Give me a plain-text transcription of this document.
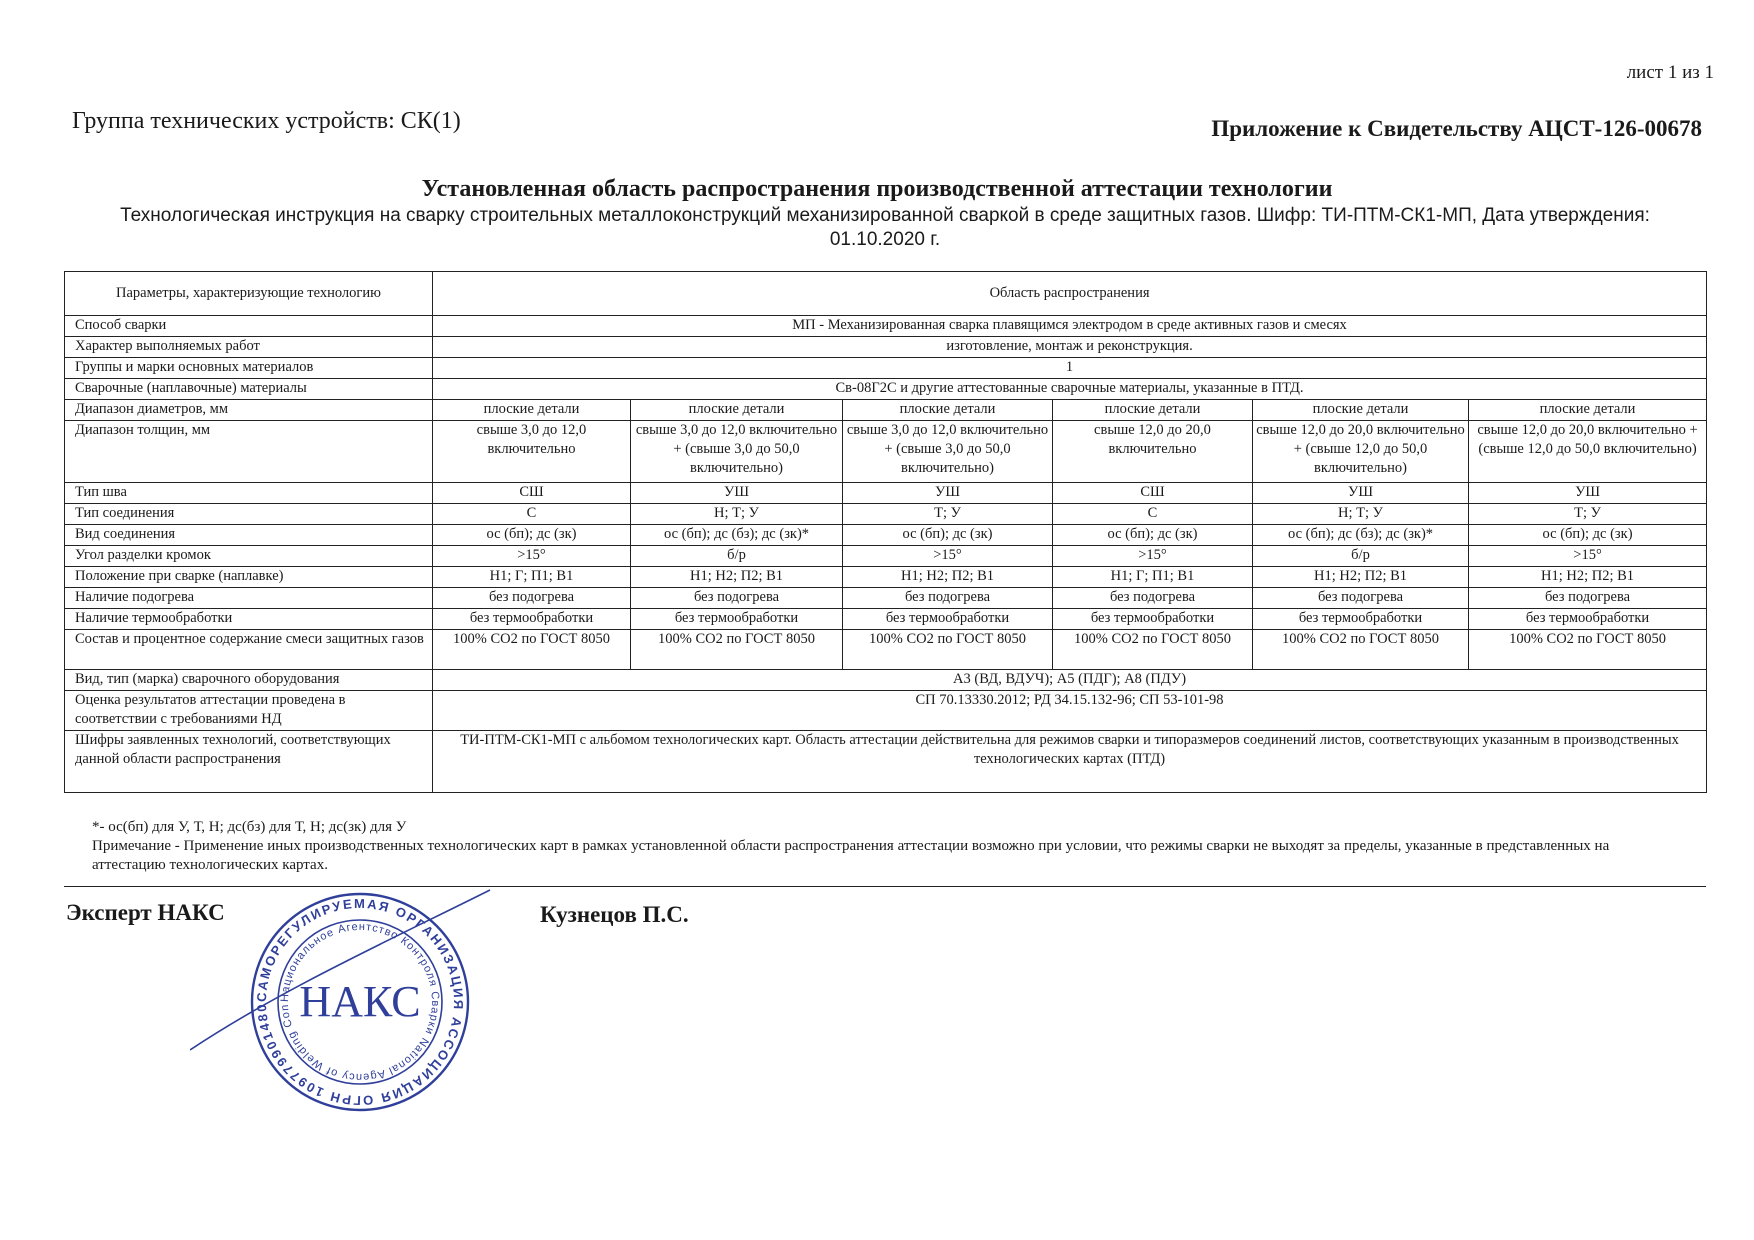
лист 1 из 1
Группа технических устройств: СК(1)	Приложение к Свидетельству АЦСТ-126-00678
Установленная область распространения производственной аттестации технологии
Технологическая инструкция на сварку строительных металлоконструкций механизированной сваркой в среде защитных газов. Шифр: ТИ-ПТМ-СК1-МП, Дата утверждения: 01.10.2020 г.
Параметры, характеризующие технологию	Область распространения					
Способ сварки	МП - Механизированная сварка плавящимся электродом в среде активных газов и смесях					
Характер выполняемых работ	изготовление, монтаж и реконструкция.					
Группы и марки основных материалов	1					
Сварочные (наплавочные) материалы	Св-08Г2С и другие аттестованные сварочные материалы, указанные в ПТД.					
Диапазон диаметров, мм	плоские детали	плоские детали	плоские детали	плоские детали	плоские детали	плоские детали
Диапазон толщин, мм	свыше 3,0 до 12,0 включительно	свыше 3,0 до 12,0 включительно + (свыше 3,0 до 50,0 включительно)	свыше 3,0 до 12,0 включительно + (свыше 3,0 до 50,0 включительно)	свыше 12,0 до 20,0 включительно	свыше 12,0 до 20,0 включительно + (свыше 12,0 до 50,0 включительно)	свыше 12,0 до 20,0 включительно + (свыше 12,0 до 50,0 включительно)
Тип шва	СШ	УШ	УШ	СШ	УШ	УШ
Тип соединения	С	Н; Т; У	Т; У	С	Н; Т; У	Т; У
Вид соединения	ос (бп); дс (зк)	ос (бп); дс (бз); дс (зк)*	ос (бп); дс (зк)	ос (бп); дс (зк)	ос (бп); дс (бз); дс (зк)*	ос (бп); дс (зк)
Угол разделки кромок	>15°	б/р	>15°	>15°	б/р	>15°
Положение при сварке (наплавке)	Н1; Г; П1; В1	Н1; Н2; П2; В1	Н1; Н2; П2; В1	Н1; Г; П1; В1	Н1; Н2; П2; В1	Н1; Н2; П2; В1
Наличие подогрева	без подогрева	без подогрева	без подогрева	без подогрева	без подогрева	без подогрева
Наличие термообработки	без термообработки	без термообработки	без термообработки	без термообработки	без термообработки	без термообработки
Состав и процентное содержание смеси защитных газов	100% СО2 по ГОСТ 8050	100% СО2 по ГОСТ 8050	100% СО2 по ГОСТ 8050	100% СО2 по ГОСТ 8050	100% СО2 по ГОСТ 8050	100% СО2 по ГОСТ 8050
Вид, тип (марка) сварочного оборудования	А3 (ВД, ВДУЧ); А5 (ПДГ); А8 (ПДУ)					
Оценка результатов аттестации проведена в соответствии с требованиями НД	СП 70.13330.2012; РД 34.15.132-96; СП 53-101-98					
Шифры заявленных технологий, соответствующих данной области распространения	ТИ-ПТМ-СК1-МП с альбомом технологических карт. Область аттестации действительна для режимов сварки и типоразмеров соединений листов, соответствующих указанным в производственных технологических картах (ПТД)					
*- ос(бп) для У, Т, Н; дс(бз) для Т, Н; дс(зк) для У
Примечание - Применение иных производственных технологических карт в рамках установленной области распространения аттестации возможно при условии, что режимы сварки не выходят за пределы, указанные в представленных на аттестацию технологических картах.
Эксперт НАКС	Кузнецов П.С.
САМОРЕГУЛИРУЕМАЯ ОРГАНИЗАЦИЯ АССОЦИАЦИЯ ОГРН 109779901480
Национальное Агентство Контроля Сварки National Agency of Welding Con НАКС
